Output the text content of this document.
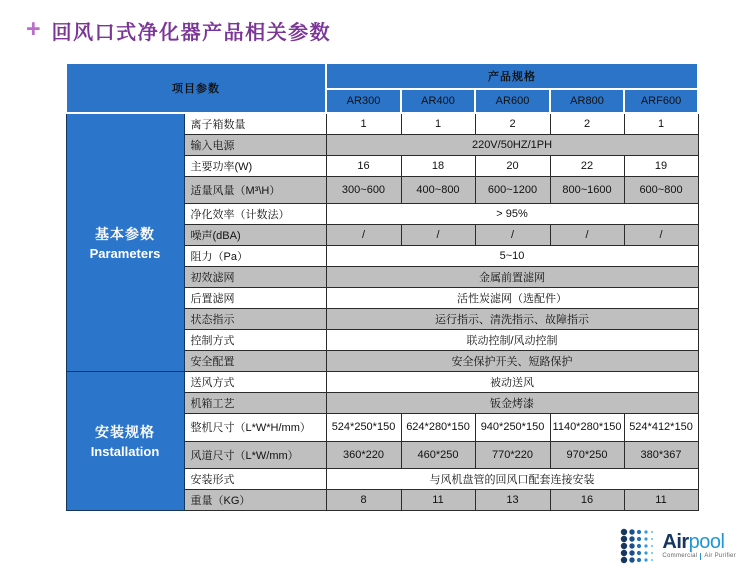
+ 回风口式净化器产品相关参数
项目参数		产品规格				
		AR300	AR400	AR600	AR800	ARF600

基本参数
Parameters	离子箱数量	1	1	2	2	1
	输入电源	220V/50HZ/1PH				
	主要功率(W)	16	18	20	22	19
	适量风量（M³\H）	300~600	400~800	600~1200	800~1600	600~800
	净化效率（计数法）	> 95%				
	噪声(dBA)	/	/	/	/	/
	阻力（Pa）	5~10				
	初效滤网	金属前置滤网				
	后置滤网	活性炭滤网（选配件）				
	状态指示	运行指示、清洗指示、故障指示				
	控制方式	联动控制/风动控制				
	安全配置	安全保护开关、短路保护				

安装规格
Installation	送风方式	被动送风				
	机箱工艺	钣金烤漆				
	整机尺寸（L*W*H/mm）	524*250*150	624*280*150	940*250*150	1140*280*150	524*412*150
	风道尺寸（L*W/mm）	360*220	460*250	770*220	970*250	380*367
	安装形式	与风机盘管的回风口配套连接安装				
	重量（KG）	8	11	13	16	11
Airpool
Commercial Air Purifier
